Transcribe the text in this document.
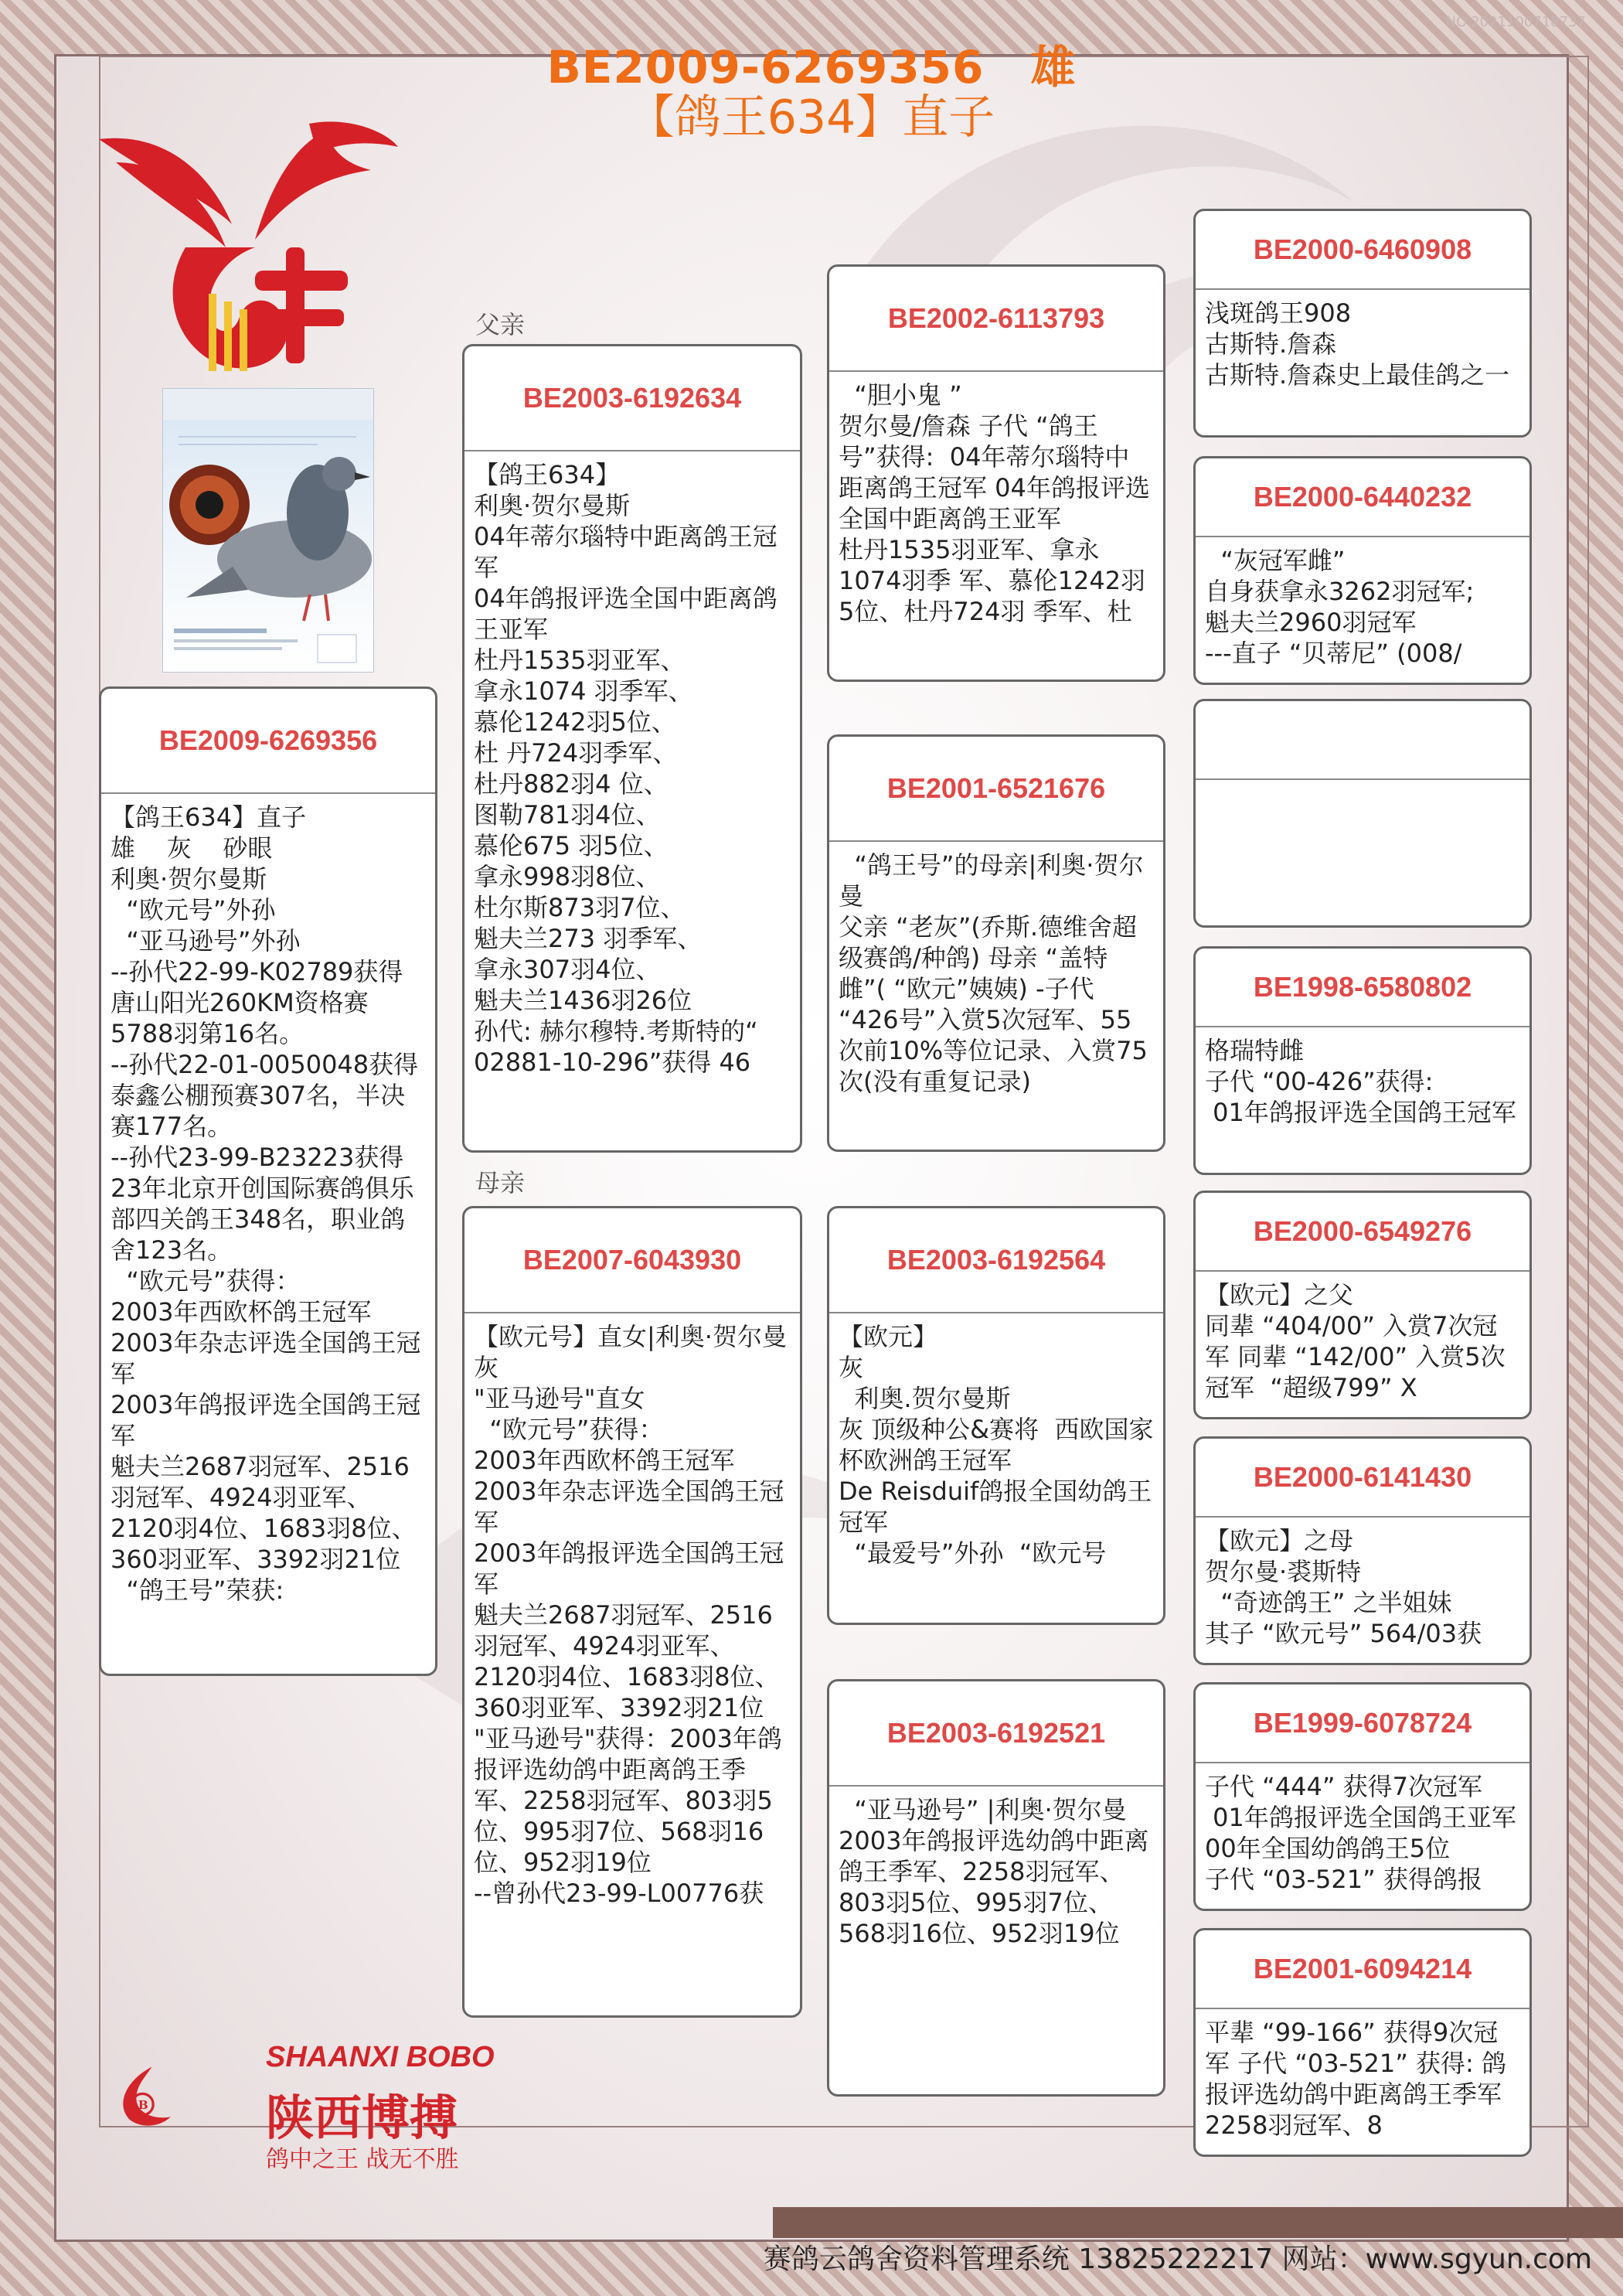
NO.2021100718737
BE2009-6269356 雄
【鸽王634】直子
父亲
母亲
BE2009-6269356
【鸽王634】直子
雄    灰    砂眼
利奥·贺尔曼斯
“欧元号”外孙
“亚马逊号”外孙
--孙代22-99-K02789获得唐山阳光260KM资格赛5788羽第16名。
--孙代22-01-0050048获得泰鑫公棚预赛307名，半决赛177名。
--孙代23-99-B23223获得23年北京开创国际赛鸽俱乐部四关鸽王348名，职业鸽舍123名。
“欧元号”获得：
2003年西欧杯鸽王冠军
2003年杂志评选全国鸽王冠军
2003年鸽报评选全国鸽王冠军
魁夫兰2687羽冠军、2516 羽冠军、4924羽亚军、2120羽4位、1683羽8位、360羽亚军、3392羽21位
“鸽王号”荣获:
BE2003-6192634
【鸽王634】
利奥·贺尔曼斯
04年蒂尔瑙特中距离鸽王冠军
04年鸽报评选全国中距离鸽王亚军
杜丹1535羽亚军、
拿永1074 羽季军、
慕伦1242羽5位、
杜 丹724羽季军、
杜丹882羽4 位、
图勒781羽4位、
慕伦675 羽5位、
拿永998羽8位、
杜尔斯873羽7位、
魁夫兰273 羽季军、
拿永307羽4位、
魁夫兰1436羽26位
孙代: 赫尔穆特.考斯特的“
02881-10-296”获得 46
BE2007-6043930
【欧元号】直女|利奥·贺尔曼
灰
"亚马逊号"直女
“欧元号”获得：
2003年西欧杯鸽王冠军
2003年杂志评选全国鸽王冠军
2003年鸽报评选全国鸽王冠军
魁夫兰2687羽冠军、2516 羽冠军、4924羽亚军、2120羽4位、1683羽8位、360羽亚军、3392羽21位
"亚马逊号"获得：2003年鸽报评选幼鸽中距离鸽王季军、2258羽冠军、803羽5位、995羽7位、568羽16位、952羽19位
--曾孙代23-99-L00776获
BE2002-6113793
“胆小鬼 ”
贺尔曼/詹森 子代 “鸽王号”获得:  04年蒂尔瑙特中距离鸽王冠军 04年鸽报评选全国中距离鸽王亚军
杜丹1535羽亚军、拿永1074羽季 军、慕伦1242羽5位、杜丹724羽 季军、杜
BE2001-6521676
“鸽王号”的母亲|利奥·贺尔曼
父亲 “老灰”(乔斯.德维舍超级赛鸽/种鸽) 母亲 “盖特雌”( “欧元”姨姨) -子代 “426号”入赏5次冠军、55次前10%等位记录、入赏75次(没有重复记录)
BE2003-6192564
【欧元】
灰
利奥.贺尔曼斯
灰 顶级种公&赛将  西欧国家杯欧洲鸽王冠军
De Reisduif鸽报全国幼鸽王冠军
“最爱号”外孙  “欧元号
BE2003-6192521
“亚马逊号” |利奥·贺尔曼
2003年鸽报评选幼鸽中距离鸽王季军、2258羽冠军、803羽5位、995羽7位、568羽16位、952羽19位
BE2000-6460908
浅斑鸽王908
古斯特.詹森
古斯特.詹森史上最佳鸽之一
BE2000-6440232
“灰冠军雌”
自身获拿永3262羽冠军;
魁夫兰2960羽冠军
---直子 “贝蒂尼” (008/
BE1998-6580802
格瑞特雌
子代 “00-426”获得:
01年鸽报评选全国鸽王冠军
BE2000-6549276
【欧元】之父
同辈 “404/00” 入赏7次冠军 同辈 “142/00” 入赏5次冠军  “超级799” X
BE2000-6141430
【欧元】之母
贺尔曼·裘斯特
“奇迹鸽王” 之半姐妹
其子 “欧元号” 564/03获
BE1999-6078724
子代 “444” 获得7次冠军
01年鸽报评选全国鸽王亚军 00年全国幼鸽鸽王5位
子代 “03-521” 获得鸽报
BE2001-6094214
平辈 “99-166” 获得9次冠军 子代 “03-521” 获得: 鸽报评选幼鸽中距离鸽王季军 2258羽冠军、8
B
SHAANXI BOBO
陕西博搏
鸽中之王 战无不胜
赛鸽云鸽舍资料管理系统 13825222217 网站：www.sgyun.com
